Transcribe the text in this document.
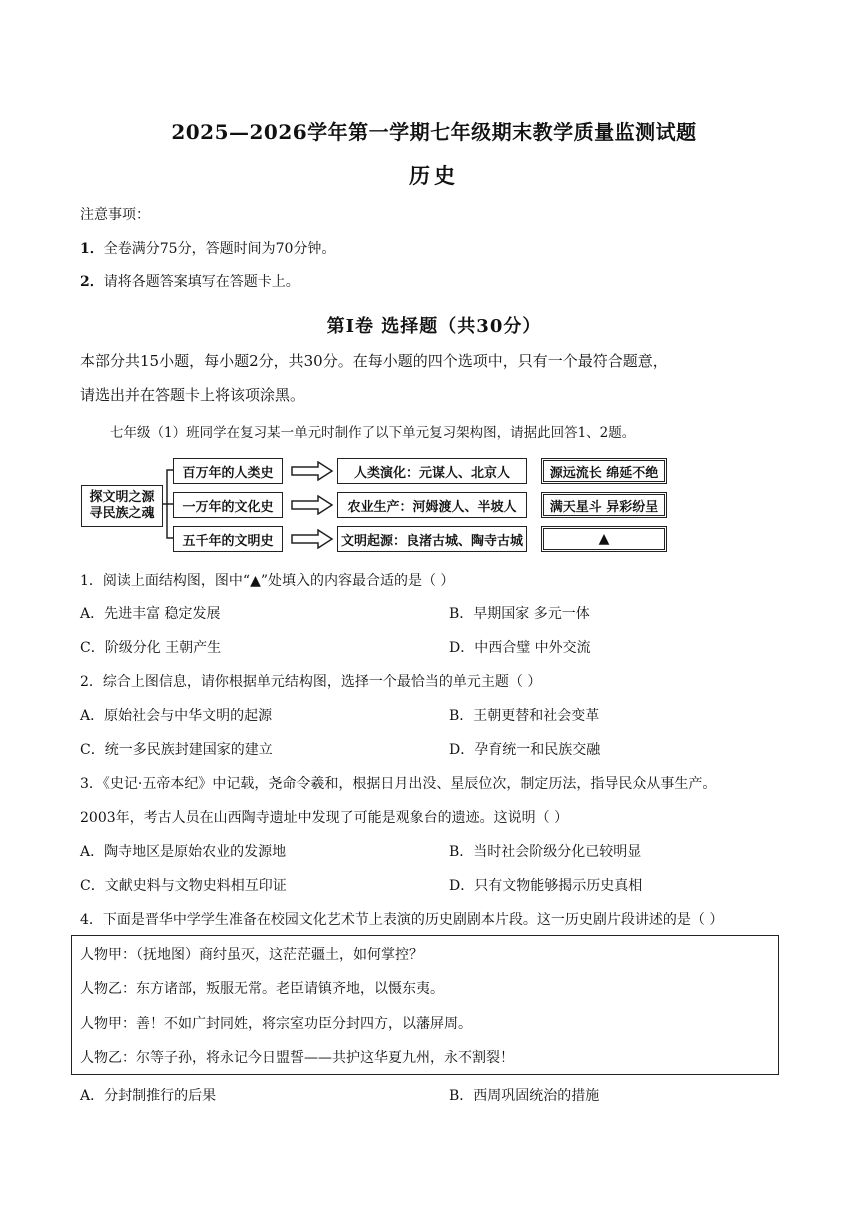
2025—2026学年第一学期七年级期末教学质量监测试题
历史
注意事项：
1．全卷满分75分，答题时间为70分钟。
2．请将各题答案填写在答题卡上。
第Ⅰ卷 选择题（共30分）
本部分共15小题，每小题2分，共30分。在每小题的四个选项中，只有一个最符合题意，
请选出并在答题卡上将该项涂黑。
七年级（1）班同学在复习某一单元时制作了以下单元复习架构图，请据此回答1、2题。
探文明之源
寻民族之魂
百万年的人类史	人类演化：元谋人、北京人	源远流长 绵延不绝
一万年的文化史	农业生产：河姆渡人、半坡人	满天星斗 异彩纷呈
五千年的文明史	文明起源：良渚古城、陶寺古城	▲
1．阅读上面结构图，图中“▲”处填入的内容最合适的是（ ）
A．先进丰富 稳定发展	B．早期国家 多元一体
C．阶级分化 王朝产生	D．中西合璧 中外交流
2．综合上图信息，请你根据单元结构图，选择一个最恰当的单元主题（ ）
A．原始社会与中华文明的起源	B．王朝更替和社会变革
C．统一多民族封建国家的建立	D．孕育统一和民族交融
3．《史记·五帝本纪》中记载，尧命令羲和，根据日月出没、星辰位次，制定历法，指导民众从事生产。
2003年，考古人员在山西陶寺遗址中发现了可能是观象台的遗迹。这说明（ ）
A．陶寺地区是原始农业的发源地	B．当时社会阶级分化已较明显
C．文献史料与文物史料相互印证	D．只有文物能够揭示历史真相
4．下面是晋华中学学生准备在校园文化艺术节上表演的历史剧剧本片段。这一历史剧片段讲述的是（ ）
人物甲：（抚地图）商纣虽灭，这茫茫疆土，如何掌控？
人物乙：东方诸部，叛服无常。老臣请镇齐地，以慑东夷。
人物甲：善！不如广封同姓，将宗室功臣分封四方，以藩屏周。
人物乙：尔等子孙，将永记今日盟誓——共护这华夏九州，永不割裂！
A．分封制推行的后果	B．西周巩固统治的措施
